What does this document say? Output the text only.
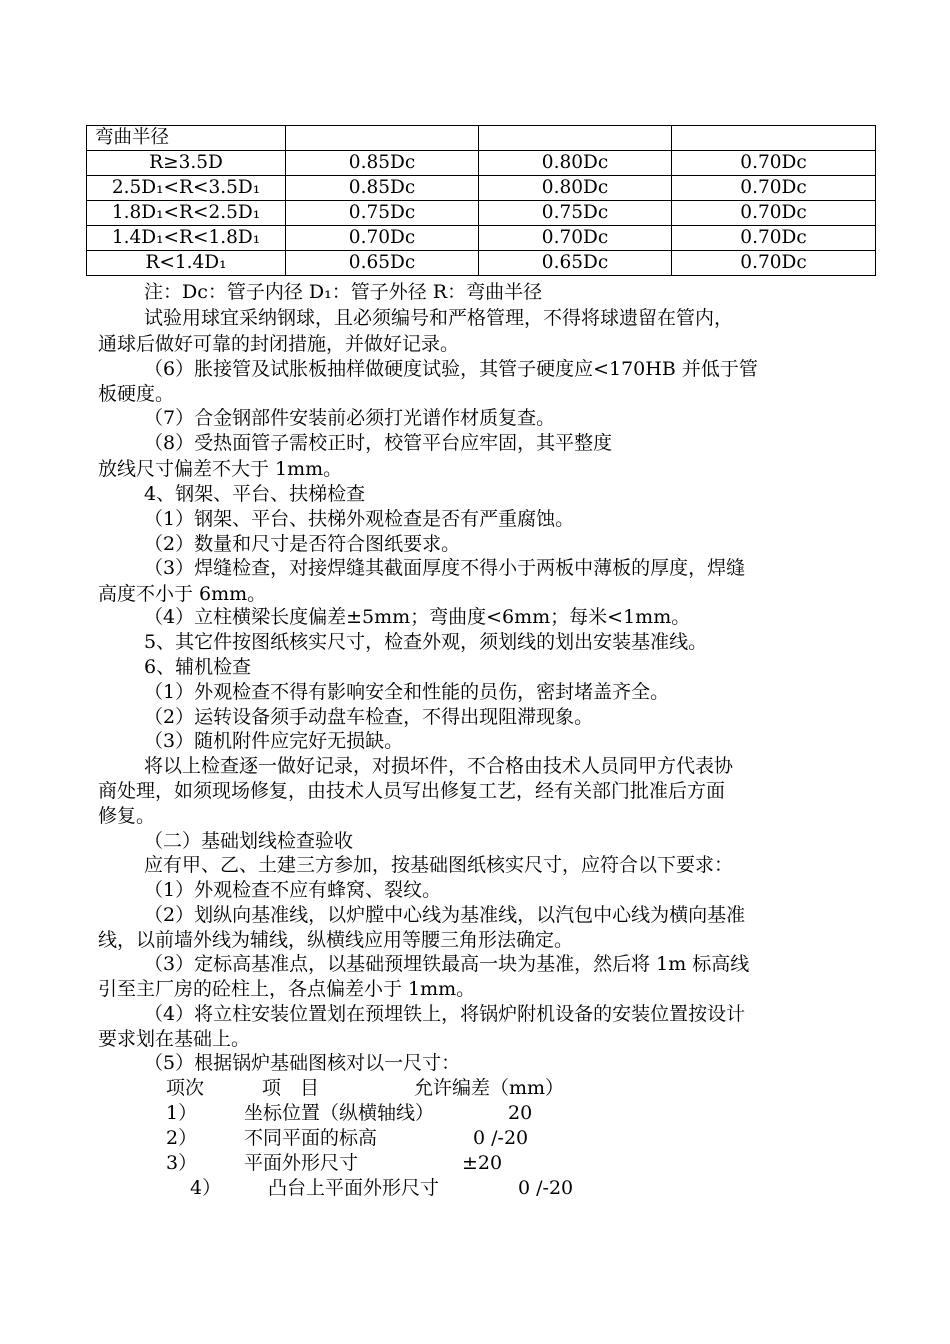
弯曲半径			
R≥3.5D	0.85Dc	0.80Dc	0.70Dc
2.5D₁<R<3.5D₁	0.85Dc	0.80Dc	0.70Dc
1.8D₁<R<2.5D₁	0.75Dc	0.75Dc	0.70Dc
1.4D₁<R<1.8D₁	0.70Dc	0.70Dc	0.70Dc
R<1.4D₁	0.65Dc	0.65Dc	0.70Dc
注：Dc：管子内径 D₁：管子外径 R：弯曲半径
试验用球宜采纳钢球，且必须编号和严格管理，不得将球遗留在管内，
通球后做好可靠的封闭措施，并做好记录。
（6）胀接管及试胀板抽样做硬度试验，其管子硬度应<170HB 并低于管
板硬度。
（7）合金钢部件安装前必须打光谱作材质复查。
（8）受热面管子需校正时，校管平台应牢固，其平整度
放线尺寸偏差不大于 1mm。
4、钢架、平台、扶梯检查
（1）钢架、平台、扶梯外观检查是否有严重腐蚀。
（2）数量和尺寸是否符合图纸要求。
（3）焊缝检查，对接焊缝其截面厚度不得小于两板中薄板的厚度，焊缝
高度不小于 6mm。
（4）立柱横梁长度偏差±5mm；弯曲度<6mm；每米<1mm。
5、其它件按图纸核实尺寸，检查外观，须划线的划出安装基准线。
6、辅机检查
（1）外观检查不得有影响安全和性能的员伤，密封堵盖齐全。
（2）运转设备须手动盘车检查，不得出现阻滞现象。
（3）随机附件应完好无损缺。
将以上检查逐一做好记录，对损坏件，不合格由技术人员同甲方代表协
商处理，如须现场修复，由技术人员写出修复工艺，经有关部门批准后方面
修复。
（二）基础划线检查验收
应有甲、乙、土建三方参加，按基础图纸核实尺寸，应符合以下要求：
（1）外观检查不应有蜂窝、裂纹。
（2）划纵向基准线，以炉膛中心线为基准线，以汽包中心线为横向基准
线，以前墙外线为辅线，纵横线应用等腰三角形法确定。
（3）定标高基准点，以基础预埋铁最高一块为基准，然后将 1m 标高线
引至主厂房的砼柱上，各点偏差小于 1mm。
（4）将立柱安装位置划在预埋铁上，将锅炉附机设备的安装位置按设计
要求划在基础上。
（5）根据锅炉基础图核对以一尺寸：
项次	项　目	允许编差（mm）
1） 坐标位置（纵横轴线）	20
2） 不同平面的标高	0 /-20
3） 平面外形尺寸	±20
4） 凸台上平面外形尺寸	0 /-20
